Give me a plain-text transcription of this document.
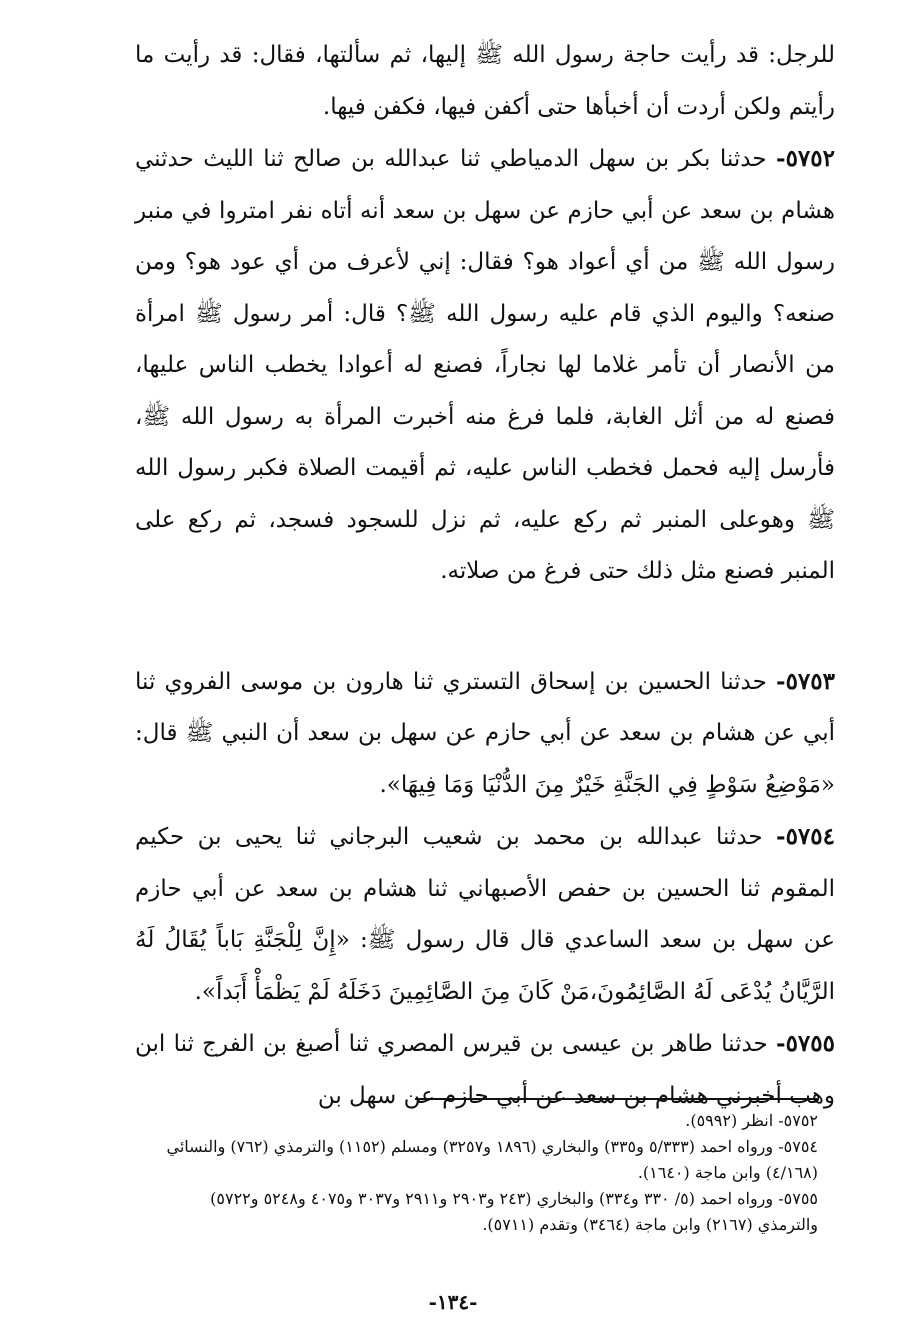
للرجل: قد رأيت حاجة رسول الله ﷺ إليها، ثم سألتها، فقال: قد رأيت ما رأيتم ولكن أردت أن أخبأها حتى أكفن فيها، فكفن فيها.

٥٧٥٢- حدثنا بكر بن سهل الدمياطي ثنا عبدالله بن صالح ثنا الليث حدثني هشام بن سعد عن أبي حازم عن سهل بن سعد أنه أتاه نفر امتروا في منبر رسول الله ﷺ من أي أعواد هو؟ فقال: إني لأعرف من أي عود هو؟ ومن صنعه؟ واليوم الذي قام عليه رسول الله ﷺ؟ قال: أمر رسول ﷺ امرأة من الأنصار أن تأمر غلاما لها نجاراً، فصنع له أعوادا يخطب الناس عليها، فصنع له من أثل الغابة، فلما فرغ منه أخبرت المرأة به رسول الله ﷺ، فأرسل إليه فحمل فخطب الناس عليه، ثم أقيمت الصلاة فكبر رسول الله ﷺ وهوعلى المنبر ثم ركع عليه، ثم نزل للسجود فسجد، ثم ركع على المنبر فصنع مثل ذلك حتى فرغ من صلاته.

٥٧٥٣- حدثنا الحسين بن إسحاق التستري ثنا هارون بن موسى الفروي ثنا أبي عن هشام بن سعد عن أبي حازم عن سهل بن سعد أن النبي ﷺ قال: «مَوْضِعُ سَوْطٍ فِي الجَنَّةِ خَيْرٌ مِنَ الدُّنْيَا وَمَا فِيهَا».

٥٧٥٤- حدثنا عبدالله بن محمد بن شعيب البرجاني ثنا يحيى بن حكيم المقوم ثنا الحسين بن حفص الأصبهاني ثنا هشام بن سعد عن أبي حازم عن سهل بن سعد الساعدي قال قال رسول ﷺ: «إِنَّ لِلْجَنَّةِ بَاباً يُقَالُ لَهُ الرَّيَّانُ يُدْعَى لَهُ الصَّائِمُونَ،مَنْ كَانَ مِنَ الصَّائِمِينَ دَخَلَهُ لَمْ يَظْمَأْ أَبَداً».

٥٧٥٥- حدثنا طاهر بن عيسى بن قيرس المصري ثنا أصبغ بن الفرج ثنا ابن وهب أخبرني هشام بن سعد عن أبي حازم عن سهل بن

٥٧٥٢- انظر (٥٩٩٢).

٥٧٥٤- ورواه احمد (٥/٣٣٣ و٣٣٥) والبخاري (١٨٩٦ و٣٢٥٧) ومسلم (١١٥٢) والترمذي (٧٦٢) والنسائي (٤/١٦٨) وابن ماجة (١٦٤٠).

٥٧٥٥- ورواه احمد (٥/ ٣٣٠ و٣٣٤) والبخاري (٢٤٣ و٢٩٠٣ و٢٩١١ و٣٠٣٧ و٤٠٧٥ و٥٢٤٨ و٥٧٢٢) والترمذي (٢١٦٧) وابن ماجة (٣٤٦٤) وتقدم (٥٧١١).

-١٣٤-
